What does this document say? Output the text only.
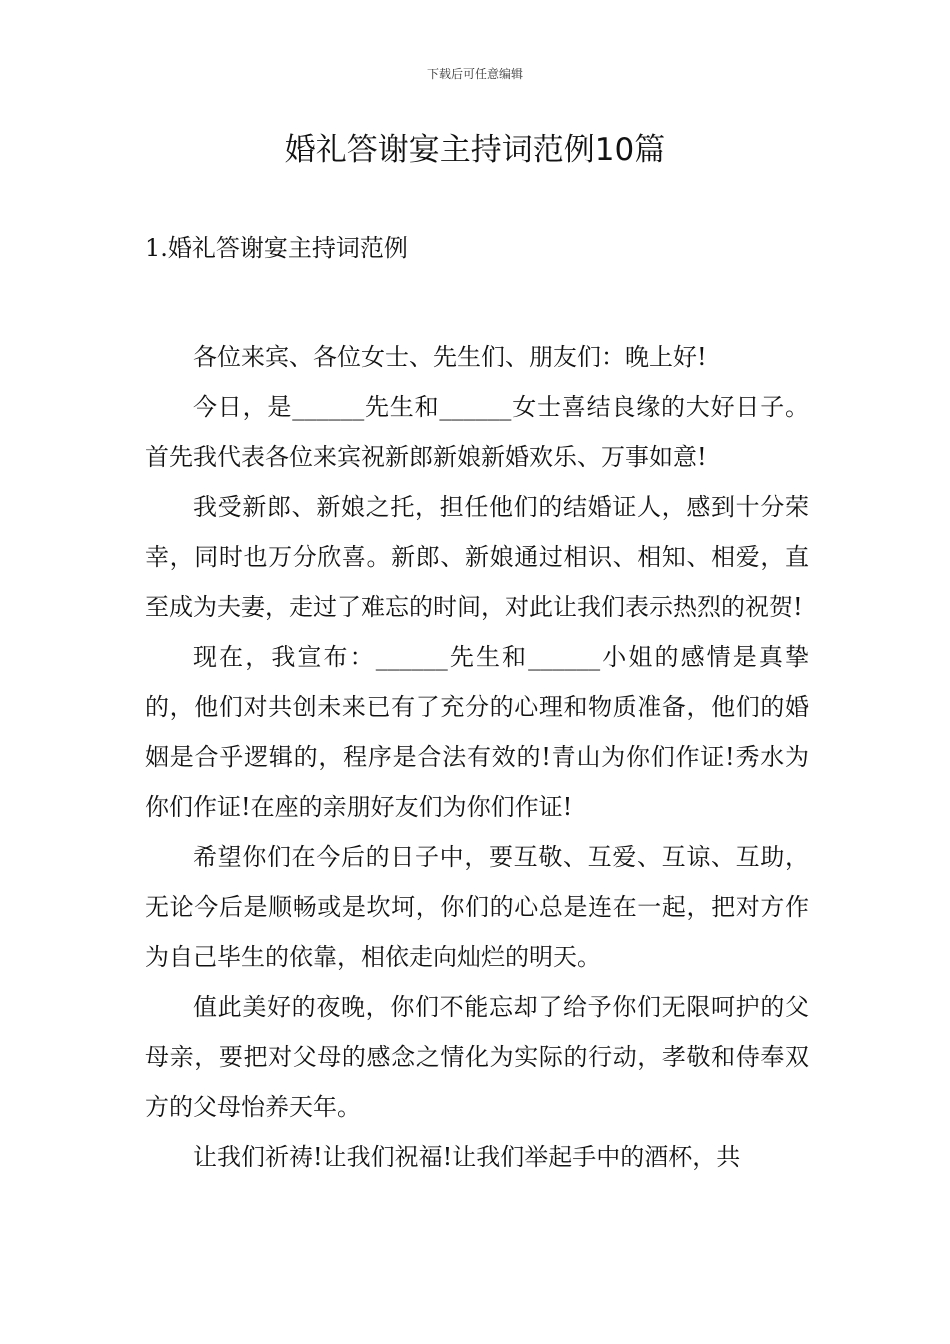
下载后可任意编辑
婚礼答谢宴主持词范例10篇
1.婚礼答谢宴主持词范例

各位来宾、各位女士、先生们、朋友们：晚上好!

今日，是______先生和______女士喜结良缘的大好日子。首先我代表各位来宾祝新郎新娘新婚欢乐、万事如意!

我受新郎、新娘之托，担任他们的结婚证人，感到十分荣幸，同时也万分欣喜。新郎、新娘通过相识、相知、相爱，直至成为夫妻，走过了难忘的时间，对此让我们表示热烈的祝贺!

现在，我宣布：______先生和______小姐的感情是真挚的，他们对共创未来已有了充分的心理和物质准备，他们的婚姻是合乎逻辑的，程序是合法有效的!青山为你们作证!秀水为你们作证!在座的亲朋好友们为你们作证!

希望你们在今后的日子中，要互敬、互爱、互谅、互助，无论今后是顺畅或是坎坷，你们的心总是连在一起，把对方作为自己毕生的依靠，相依走向灿烂的明天。

值此美好的夜晚，你们不能忘却了给予你们无限呵护的父母亲，要把对父母的感念之情化为实际的行动，孝敬和侍奉双方的父母怡养天年。

让我们祈祷!让我们祝福!让我们举起手中的酒杯，共
